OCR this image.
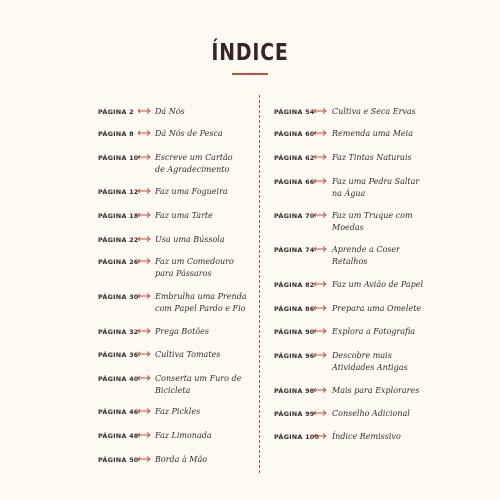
ÍNDICE
PÁGINA 2	Dá Nós
PÁGINA 8	Dá Nós de Pesca
PÁGINA 10 Escreve um Cartão
de Agradecimento
PÁGINA 12 Faz uma Fogueira
PÁGINA 18 Faz uma Tarte
PÁGINA 22 Usa uma Bússola
PÁGINA 26 Faz um Comedouro
para Pássaros
PÁGINA 30 Embrulha uma Prenda
com Papel Pardo e Fio
PÁGINA 32 Prega Botões
PÁGINA 36 Cultiva Tomates
PÁGINA 40 Conserta um Furo de
Bicicleta
PÁGINA 46 Faz Pickles
PÁGINA 48 Faz Limonada
PÁGINA 50 Borda à Mão
PÁGINA 54 Cultiva e Seca Ervas
PÁGINA 60 Remenda uma Meia
PÁGINA 62 Faz Tintas Naturais
PÁGINA 66 Faz uma Pedra Saltar
na Água
PÁGINA 70 Faz um Truque com
Moedas
PÁGINA 74 Aprende a Coser
Retalhos
PÁGINA 82 Faz um Avião de Papel
PÁGINA 86 Prepara uma Omelete
PÁGINA 90 Explora a Fotografia
PÁGINA 96 Descobre mais
Atividades Antigas
PÁGINA 98 Mais para Explorares
PÁGINA 99 Conselho Adicional
PÁGINA 100 Índice Remissivo
